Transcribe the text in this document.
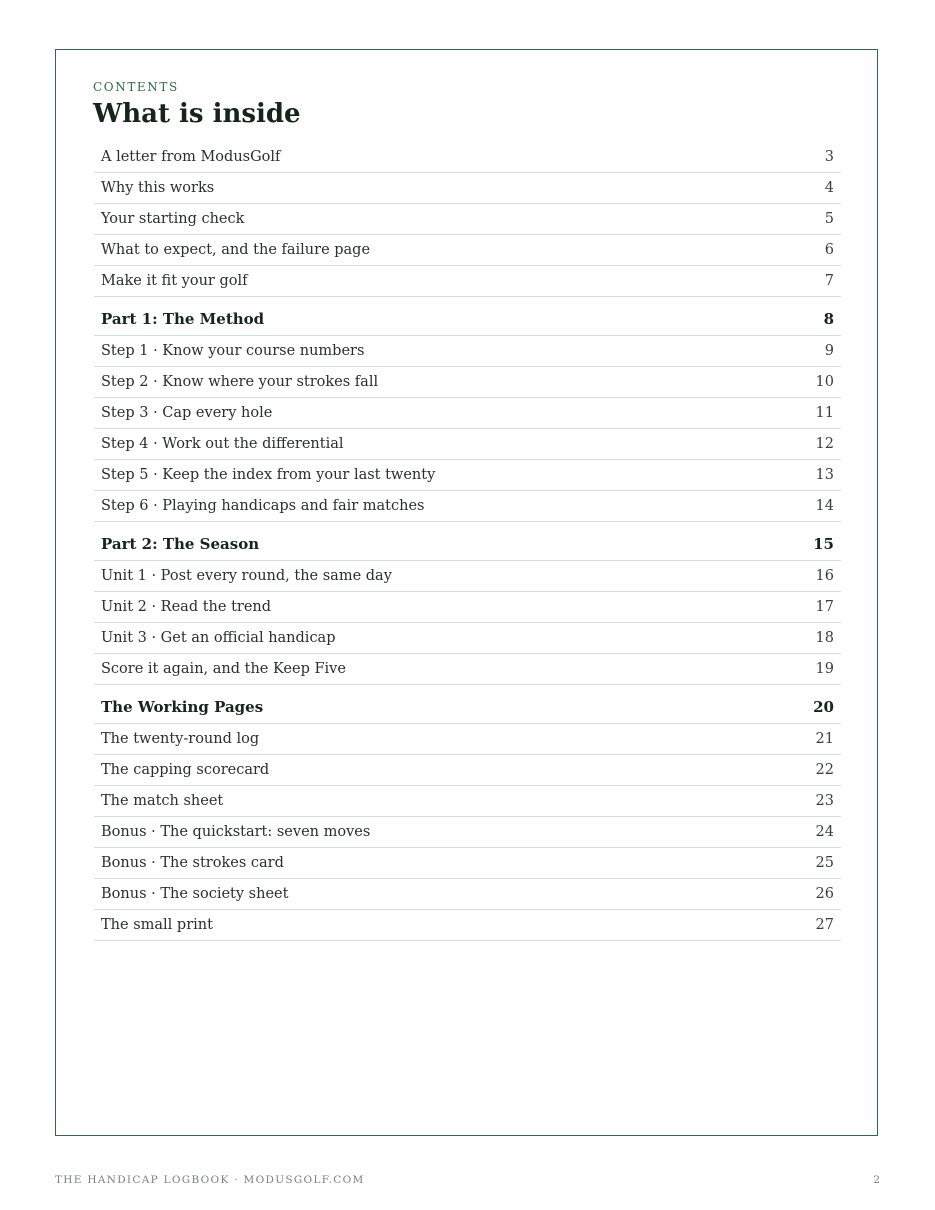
CONTENTS
What is inside
A letter from ModusGolf	3
Why this works	4
Your starting check	5
What to expect, and the failure page	6
Make it fit your golf	7
Part 1: The Method	8
Step 1 · Know your course numbers	9
Step 2 · Know where your strokes fall	10
Step 3 · Cap every hole	11
Step 4 · Work out the differential	12
Step 5 · Keep the index from your last twenty	13
Step 6 · Playing handicaps and fair matches	14
Part 2: The Season	15
Unit 1 · Post every round, the same day	16
Unit 2 · Read the trend	17
Unit 3 · Get an official handicap	18
Score it again, and the Keep Five	19
The Working Pages	20
The twenty-round log	21
The capping scorecard	22
The match sheet	23
Bonus · The quickstart: seven moves	24
Bonus · The strokes card	25
Bonus · The society sheet	26
The small print	27
THE HANDICAP LOGBOOK · MODUSGOLF.COM	2
